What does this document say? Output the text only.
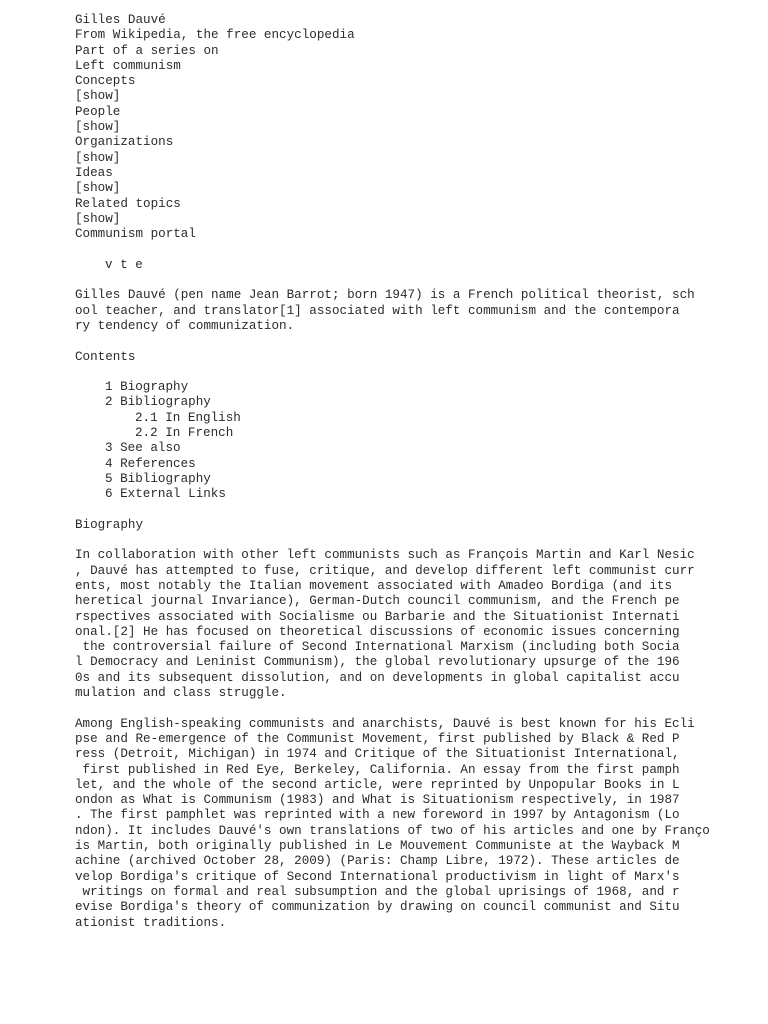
Gilles Dauvé
From Wikipedia, the free encyclopedia
Part of a series on
Left communism
Concepts
[show]
People
[show]
Organizations
[show]
Ideas
[show]
Related topics
[show]
Communism portal
v t e
Gilles Dauvé (pen name Jean Barrot; born 1947) is a French political theorist, sch
ool teacher, and translator[1] associated with left communism and the contempora
ry tendency of communization.
Contents
1 Biography
2 Bibliography
2.1 In English
2.2 In French
3 See also
4 References
5 Bibliography
6 External Links
Biography
In collaboration with other left communists such as François Martin and Karl Nesic
, Dauvé has attempted to fuse, critique, and develop different left communist curr
ents, most notably the Italian movement associated with Amadeo Bordiga (and its
heretical journal Invariance), German-Dutch council communism, and the French pe
rspectives associated with Socialisme ou Barbarie and the Situationist Internati
onal.[2] He has focused on theoretical discussions of economic issues concerning
the controversial failure of Second International Marxism (including both Socia
l Democracy and Leninist Communism), the global revolutionary upsurge of the 196
0s and its subsequent dissolution, and on developments in global capitalist accu
mulation and class struggle.
Among English-speaking communists and anarchists, Dauvé is best known for his Ecli
pse and Re-emergence of the Communist Movement, first published by Black & Red P
ress (Detroit, Michigan) in 1974 and Critique of the Situationist International,
first published in Red Eye, Berkeley, California. An essay from the first pamph
let, and the whole of the second article, were reprinted by Unpopular Books in L
ondon as What is Communism (1983) and What is Situationism respectively, in 1987
. The first pamphlet was reprinted with a new foreword in 1997 by Antagonism (Lo
ndon). It includes Dauvé's own translations of two of his articles and one by Franço
is Martin, both originally published in Le Mouvement Communiste at the Wayback M
achine (archived October 28, 2009) (Paris: Champ Libre, 1972). These articles de
velop Bordiga's critique of Second International productivism in light of Marx's
writings on formal and real subsumption and the global uprisings of 1968, and r
evise Bordiga's theory of communization by drawing on council communist and Situ
ationist traditions.
